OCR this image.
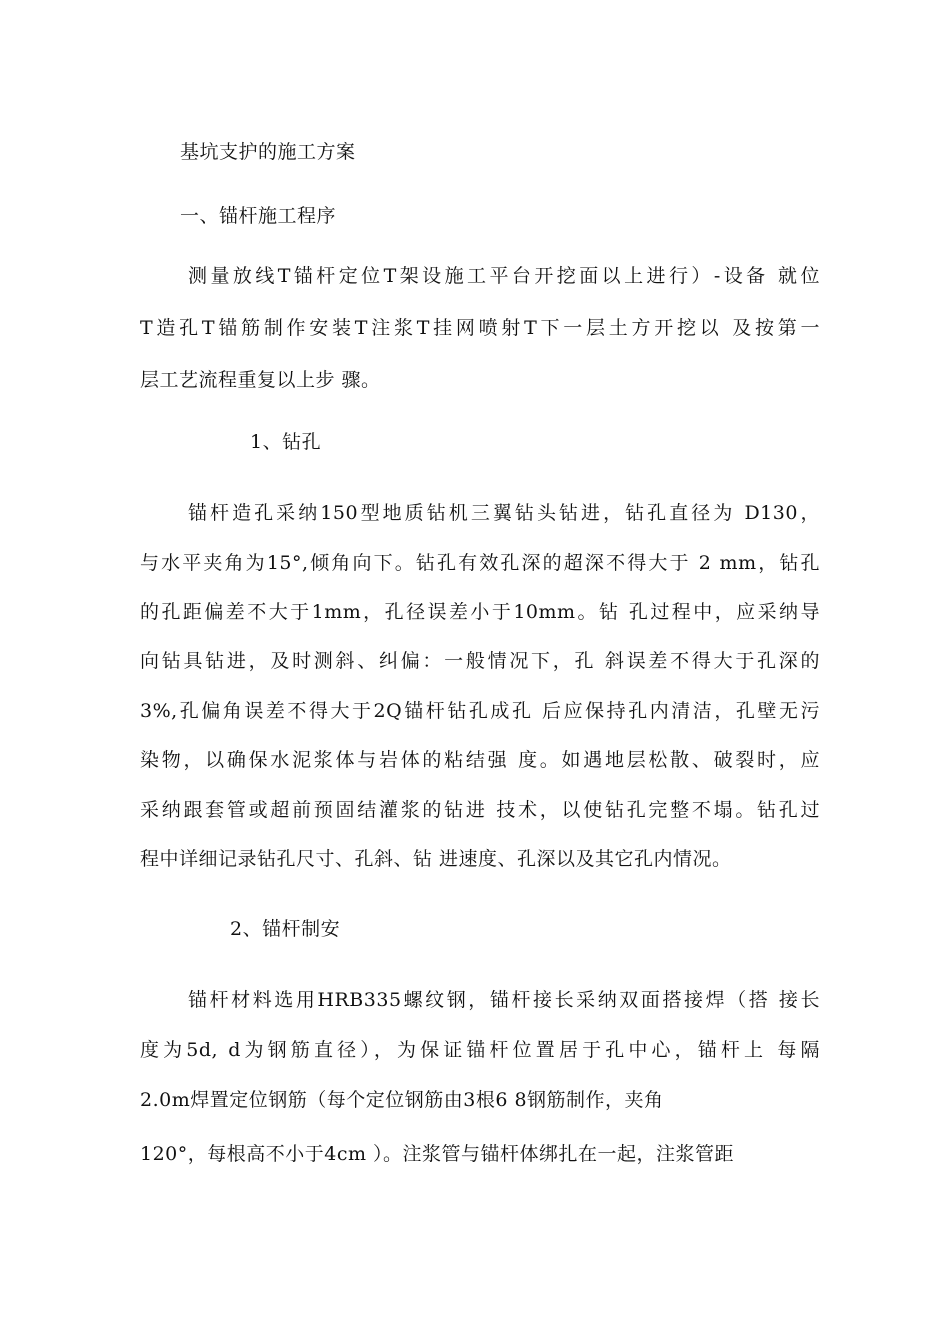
基坑支护的施工方案
一、锚杆施工程序
测量放线T锚杆定位T架设施工平台开挖面以上进行）-设备 就位
T造孔T锚筋制作安装T注浆T挂网喷射T下一层土方开挖以 及按第一
层工艺流程重复以上步 骤。
1、钻孔
锚杆造孔采纳150型地质钻机三翼钻头钻进，钻孔直径为 D130，
与水平夹角为15°,倾角向下。钻孔有效孔深的超深不得大于 2 mm，钻孔
的孔距偏差不大于1mm，孔径误差小于10mm。钻 孔过程中，应采纳导
向钻具钻进，及时测斜、纠偏：一般情况下，孔 斜误差不得大于孔深的
3%,孔偏角误差不得大于2Q锚杆钻孔成孔 后应保持孔内清洁，孔壁无污
染物，以确保水泥浆体与岩体的粘结强 度。如遇地层松散、破裂时，应
采纳跟套管或超前预固结灌浆的钻进 技术，以使钻孔完整不塌。钻孔过
程中详细记录钻孔尺寸、孔斜、钻 进速度、孔深以及其它孔内情况。
2、锚杆制安
锚杆材料选用HRB335螺纹钢，锚杆接长采纳双面搭接焊（搭 接长
度为5d, d为钢筋直径），为保证锚杆位置居于孔中心，锚杆上 每隔
2.0m焊置定位钢筋（每个定位钢筋由3根6 8钢筋制作，夹角
120°，每根高不小于4cm ）。注浆管与锚杆体绑扎在一起，注浆管距
